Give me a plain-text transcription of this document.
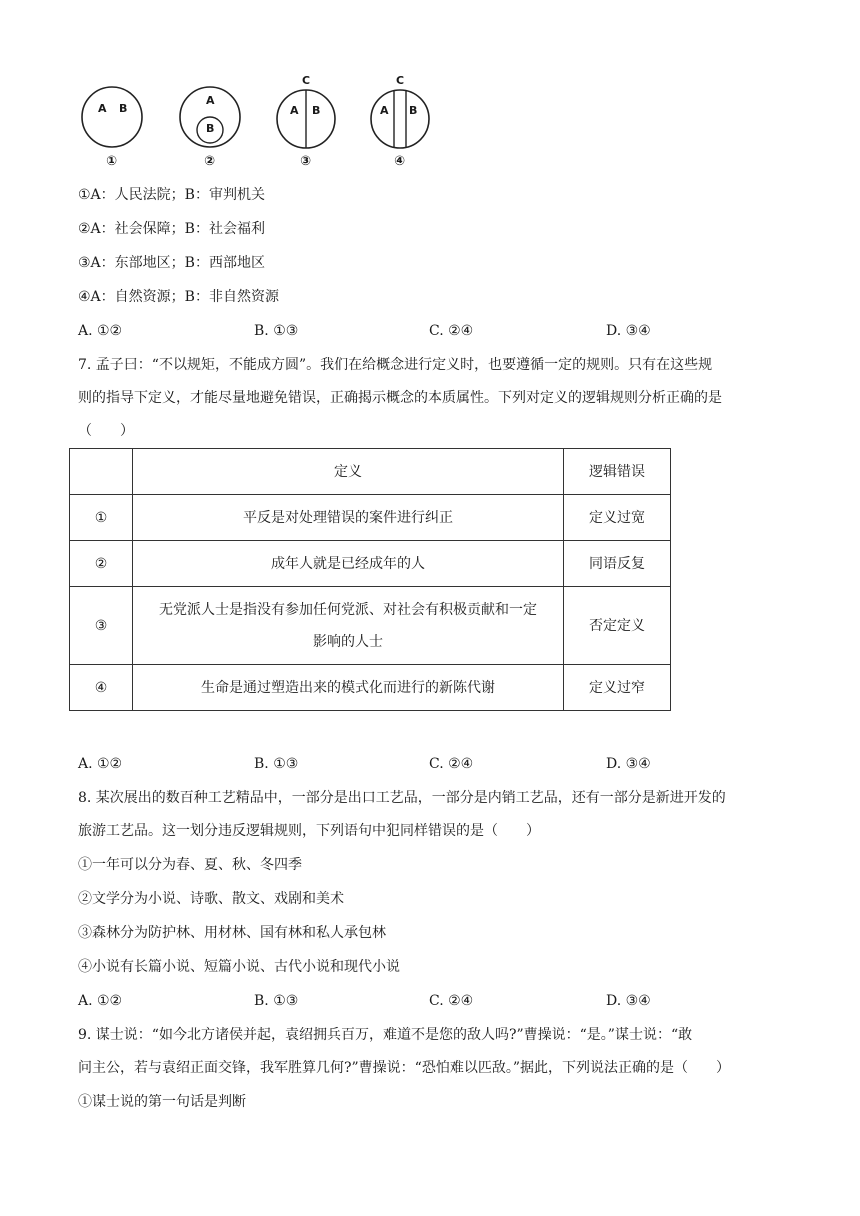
A B
①
A
B
②
C
A B
③
C
A B
④
①A：人民法院；B：审判机关
②A：社会保障；B：社会福利
③A：东部地区；B：西部地区
④A：自然资源；B：非自然资源
A. ①②	B. ①③	C. ②④	D. ③④
7. 孟子曰：“不以规矩，不能成方圆”。我们在给概念进行定义时，也要遵循一定的规则。只有在这些规
则的指导下定义，才能尽量地避免错误，正确揭示概念的本质属性。下列对定义的逻辑规则分析正确的是
（　　）
	定义	逻辑错误
①	平反是对处理错误的案件进行纠正	定义过宽
②	成年人就是已经成年的人	同语反复
③	无党派人士是指没有参加任何党派、对社会有积极贡献和一定
影响的人士	否定定义
④	生命是通过塑造出来的模式化而进行的新陈代谢	定义过窄
A. ①②	B. ①③	C. ②④	D. ③④
8. 某次展出的数百种工艺精品中，一部分是出口工艺品，一部分是内销工艺品，还有一部分是新进开发的
旅游工艺品。这一划分违反逻辑规则，下列语句中犯同样错误的是（　　）
①一年可以分为春、夏、秋、冬四季
②文学分为小说、诗歌、散文、戏剧和美术
③森林分为防护林、用材林、国有林和私人承包林
④小说有长篇小说、短篇小说、古代小说和现代小说
A. ①②	B. ①③	C. ②④	D. ③④
9. 谋士说：“如今北方诸侯并起，袁绍拥兵百万，难道不是您的敌人吗?”曹操说：“是。”谋士说：“敢
问主公，若与袁绍正面交锋，我军胜算几何?”曹操说：“恐怕难以匹敌。”据此，下列说法正确的是（　　）
①谋士说的第一句话是判断
